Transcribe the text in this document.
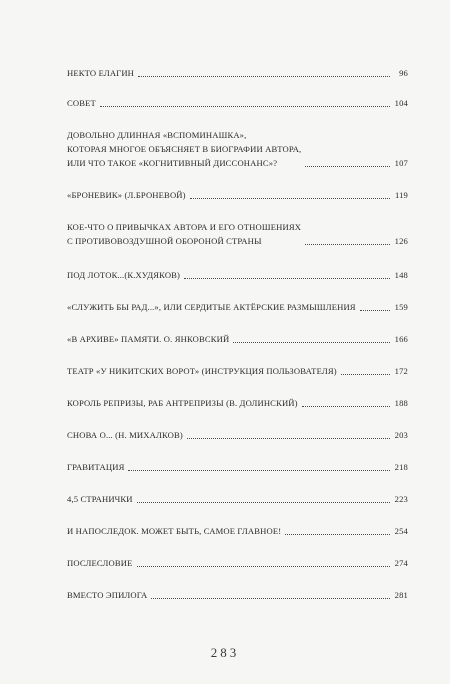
НЕКТО ЕЛАГИН	96
СОВЕТ	104
ДОВОЛЬНО ДЛИННАЯ «ВСПОМИНАШКА»,
КОТОРАЯ МНОГОЕ ОБЪЯСНЯЕТ В БИОГРАФИИ АВТОРА,
ИЛИ ЧТО ТАКОЕ «КОГНИТИВНЫЙ ДИССОНАНС»?	107
«БРОНЕВИК» (Л.БРОНЕВОЙ)	119
КОЕ-ЧТО О ПРИВЫЧКАХ АВТОРА И ЕГО ОТНОШЕНИЯХ
С ПРОТИВОВОЗДУШНОЙ ОБОРОНОЙ СТРАНЫ	126
ПОД ЛОТОК...(К.ХУДЯКОВ)	148
«СЛУЖИТЬ БЫ РАД...», ИЛИ СЕРДИТЫЕ АКТЁРСКИЕ РАЗМЫШЛЕНИЯ	159
«В АРХИВЕ» ПАМЯТИ. О. ЯНКОВСКИЙ	166
ТЕАТР «У НИКИТСКИХ ВОРОТ» (ИНСТРУКЦИЯ ПОЛЬЗОВАТЕЛЯ)	172
КОРОЛЬ РЕПРИЗЫ, РАБ АНТРЕПРИЗЫ (В. ДОЛИНСКИЙ)	188
СНОВА О... (Н. МИХАЛКОВ)	203
ГРАВИТАЦИЯ	218
4,5 СТРАНИЧКИ	223
И НАПОСЛЕДОК. МОЖЕТ БЫТЬ, САМОЕ ГЛАВНОЕ!	254
ПОСЛЕСЛОВИЕ	274
ВМЕСТО ЭПИЛОГА	281
283
